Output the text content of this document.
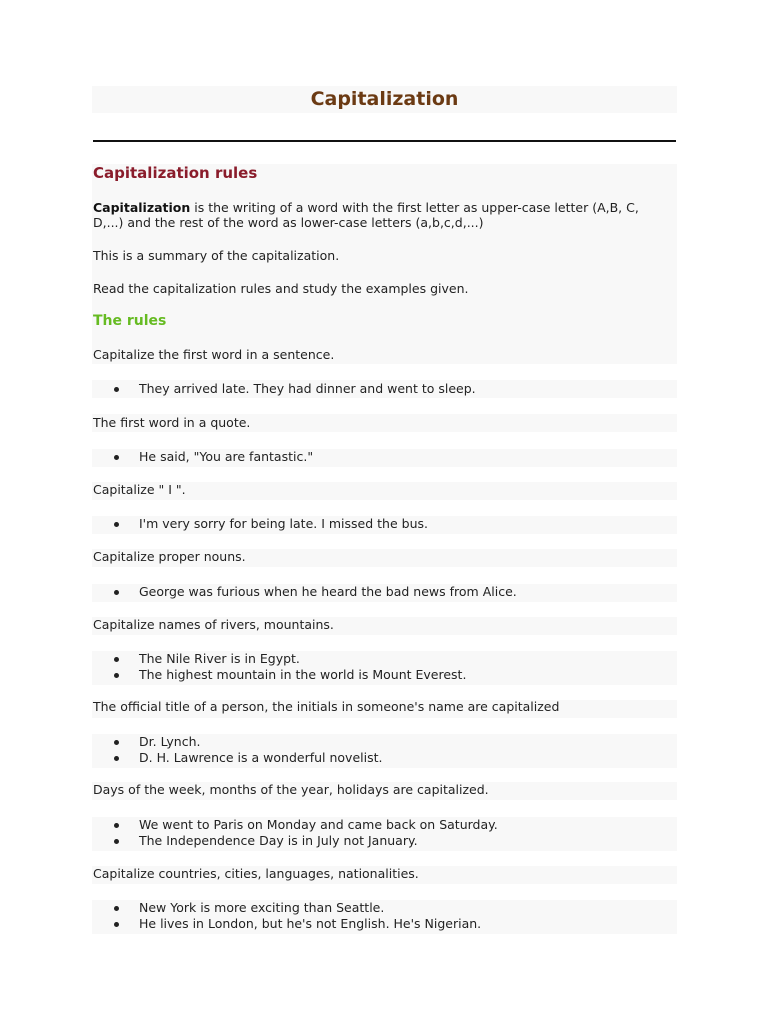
Capitalization
Capitalization rules
Capitalization is the writing of a word with the first letter as upper-case letter (A,B, C,
D,...) and the rest of the word as lower-case letters (a,b,c,d,...)
This is a summary of the capitalization.
Read the capitalization rules and study the examples given.
The rules
Capitalize the first word in a sentence.
They arrived late. They had dinner and went to sleep.
The first word in a quote.
He said, "You are fantastic."
Capitalize " I ".
I'm very sorry for being late. I missed the bus.
Capitalize proper nouns.
George was furious when he heard the bad news from Alice.
Capitalize names of rivers, mountains.
The Nile River is in Egypt.
The highest mountain in the world is Mount Everest.
The official title of a person, the initials in someone's name are capitalized
Dr. Lynch.
D. H. Lawrence is a wonderful novelist.
Days of the week, months of the year, holidays are capitalized.
We went to Paris on Monday and came back on Saturday.
The Independence Day is in July not January.
Capitalize countries, cities, languages, nationalities.
New York is more exciting than Seattle.
He lives in London, but he's not English. He's Nigerian.
